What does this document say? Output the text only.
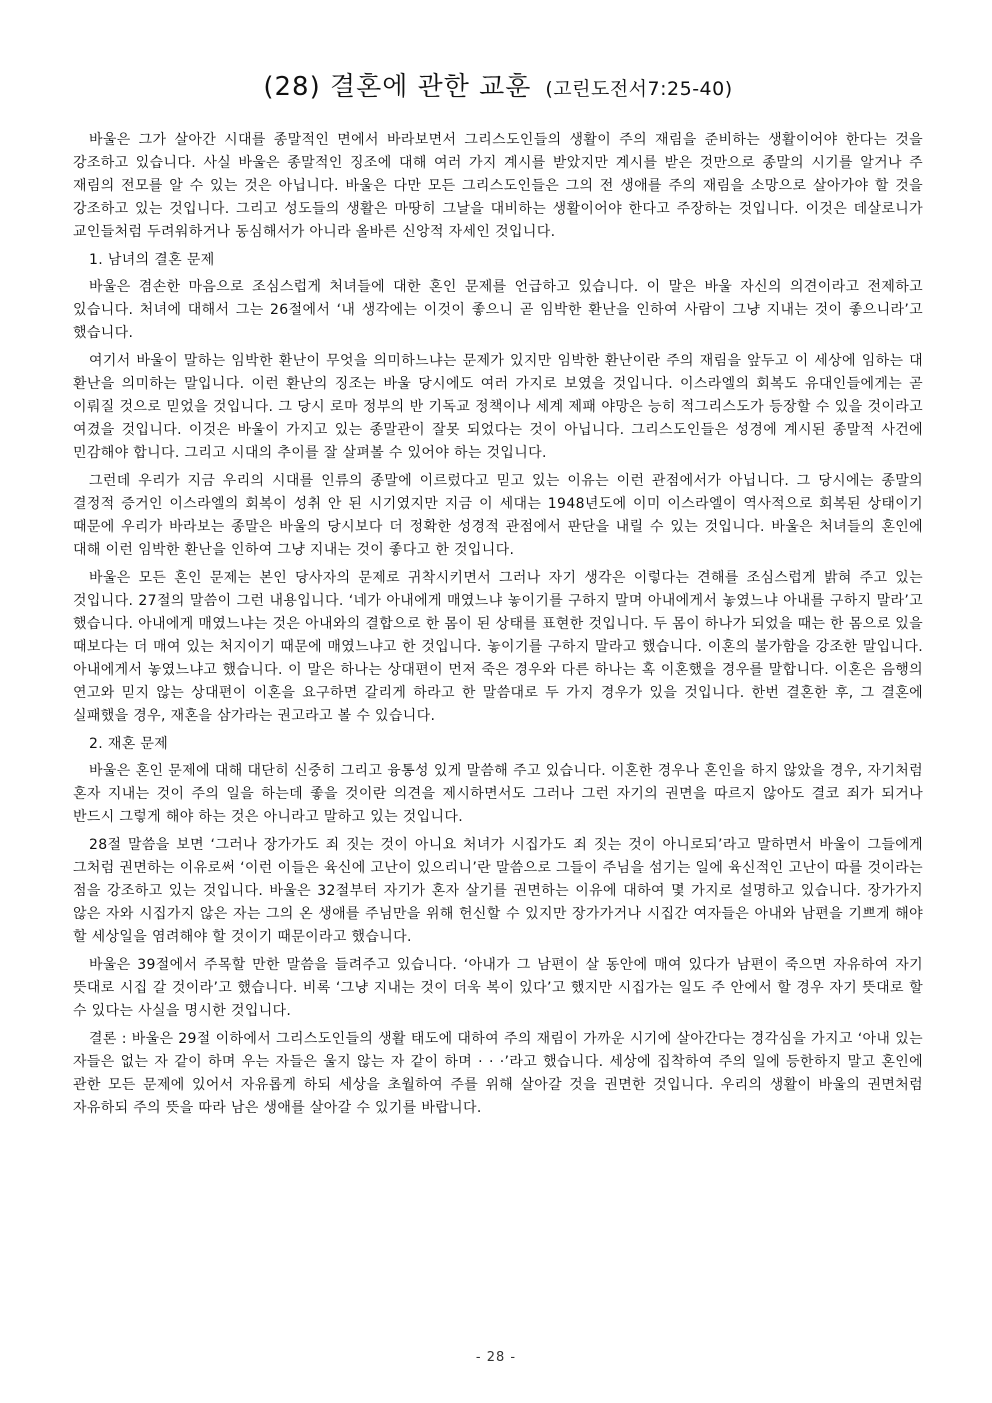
(28) 결혼에 관한 교훈 (고린도전서7:25-40)

바울은 그가 살아간 시대를 종말적인 면에서 바라보면서 그리스도인들의 생활이 주의 재림을 준비하는 생활이어야 한다는 것을 강조하고 있습니다. 사실 바울은 종말적인 징조에 대해 여러 가지 계시를 받았지만 계시를 받은 것만으로 종말의 시기를 알거나 주 재림의 전모를 알 수 있는 것은 아닙니다. 바울은 다만 모든 그리스도인들은 그의 전 생애를 주의 재림을 소망으로 살아가야 할 것을 강조하고 있는 것입니다. 그리고 성도들의 생활은 마땅히 그날을 대비하는 생활이어야 한다고 주장하는 것입니다. 이것은 데살로니가 교인들처럼 두려워하거나 동심해서가 아니라 올바른 신앙적 자세인 것입니다.

1. 남녀의 결혼 문제

바울은 겸손한 마음으로 조심스럽게 처녀들에 대한 혼인 문제를 언급하고 있습니다. 이 말은 바울 자신의 의견이라고 전제하고 있습니다. 처녀에 대해서 그는 26절에서 ‘내 생각에는 이것이 좋으니 곧 임박한 환난을 인하여 사람이 그냥 지내는 것이 좋으니라’고 했습니다.

여기서 바울이 말하는 임박한 환난이 무엇을 의미하느냐는 문제가 있지만 임박한 환난이란 주의 재림을 앞두고 이 세상에 임하는 대 환난을 의미하는 말입니다. 이런 환난의 징조는 바울 당시에도 여러 가지로 보였을 것입니다. 이스라엘의 회복도 유대인들에게는 곧 이뤄질 것으로 믿었을 것입니다. 그 당시 로마 정부의 반 기독교 정책이나 세계 제패 야망은 능히 적그리스도가 등장할 수 있을 것이라고 여겼을 것입니다. 이것은 바울이 가지고 있는 종말관이 잘못 되었다는 것이 아닙니다. 그리스도인들은 성경에 계시된 종말적 사건에 민감해야 합니다. 그리고 시대의 추이를 잘 살펴볼 수 있어야 하는 것입니다.

그런데 우리가 지금 우리의 시대를 인류의 종말에 이르렀다고 믿고 있는 이유는 이런 관점에서가 아닙니다. 그 당시에는 종말의 결정적 증거인 이스라엘의 회복이 성취 안 된 시기였지만 지금 이 세대는 1948년도에 이미 이스라엘이 역사적으로 회복된 상태이기 때문에 우리가 바라보는 종말은 바울의 당시보다 더 정확한 성경적 관점에서 판단을 내릴 수 있는 것입니다. 바울은 처녀들의 혼인에 대해 이런 임박한 환난을 인하여 그냥 지내는 것이 좋다고 한 것입니다.

바울은 모든 혼인 문제는 본인 당사자의 문제로 귀착시키면서 그러나 자기 생각은 이렇다는 견해를 조심스럽게 밝혀 주고 있는 것입니다. 27절의 말씀이 그런 내용입니다. ‘네가 아내에게 매였느냐 놓이기를 구하지 말며 아내에게서 놓였느냐 아내를 구하지 말라’고 했습니다. 아내에게 매였느냐는 것은 아내와의 결합으로 한 몸이 된 상태를 표현한 것입니다. 두 몸이 하나가 되었을 때는 한 몸으로 있을 때보다는 더 매여 있는 처지이기 때문에 매였느냐고 한 것입니다. 놓이기를 구하지 말라고 했습니다. 이혼의 불가함을 강조한 말입니다. 아내에게서 놓였느냐고 했습니다. 이 말은 하나는 상대편이 먼저 죽은 경우와 다른 하나는 혹 이혼했을 경우를 말합니다. 이혼은 음행의 연고와 믿지 않는 상대편이 이혼을 요구하면 갈리게 하라고 한 말씀대로 두 가지 경우가 있을 것입니다. 한번 결혼한 후, 그 결혼에 실패했을 경우, 재혼을 삼가라는 권고라고 볼 수 있습니다.

2. 재혼 문제

바울은 혼인 문제에 대해 대단히 신중히 그리고 융통성 있게 말씀해 주고 있습니다. 이혼한 경우나 혼인을 하지 않았을 경우, 자기처럼 혼자 지내는 것이 주의 일을 하는데 좋을 것이란 의견을 제시하면서도 그러나 그런 자기의 권면을 따르지 않아도 결코 죄가 되거나 반드시 그렇게 해야 하는 것은 아니라고 말하고 있는 것입니다.

28절 말씀을 보면 ‘그러나 장가가도 죄 짓는 것이 아니요 처녀가 시집가도 죄 짓는 것이 아니로되’라고 말하면서 바울이 그들에게 그처럼 권면하는 이유로써 ‘이런 이들은 육신에 고난이 있으리니’란 말씀으로 그들이 주님을 섬기는 일에 육신적인 고난이 따를 것이라는 점을 강조하고 있는 것입니다. 바울은 32절부터 자기가 혼자 살기를 권면하는 이유에 대하여 몇 가지로 설명하고 있습니다. 장가가지 않은 자와 시집가지 않은 자는 그의 온 생애를 주님만을 위해 헌신할 수 있지만 장가가거나 시집간 여자들은 아내와 남편을 기쁘게 해야 할 세상일을 염려해야 할 것이기 때문이라고 했습니다.

바울은 39절에서 주목할 만한 말씀을 들려주고 있습니다. ‘아내가 그 남편이 살 동안에 매여 있다가 남편이 죽으면 자유하여 자기 뜻대로 시집 갈 것이라’고 했습니다. 비록 ‘그냥 지내는 것이 더욱 복이 있다’고 했지만 시집가는 일도 주 안에서 할 경우 자기 뜻대로 할 수 있다는 사실을 명시한 것입니다.

결론 : 바울은 29절 이하에서 그리스도인들의 생활 태도에 대하여 주의 재림이 가까운 시기에 살아간다는 경각심을 가지고 ‘아내 있는 자들은 없는 자 같이 하며 우는 자들은 울지 않는 자 같이 하며 · · ·’라고 했습니다. 세상에 집착하여 주의 일에 등한하지 말고 혼인에 관한 모든 문제에 있어서 자유롭게 하되 세상을 초월하여 주를 위해 살아갈 것을 권면한 것입니다. 우리의 생활이 바울의 권면처럼 자유하되 주의 뜻을 따라 남은 생애를 살아갈 수 있기를 바랍니다.

- 28 -
